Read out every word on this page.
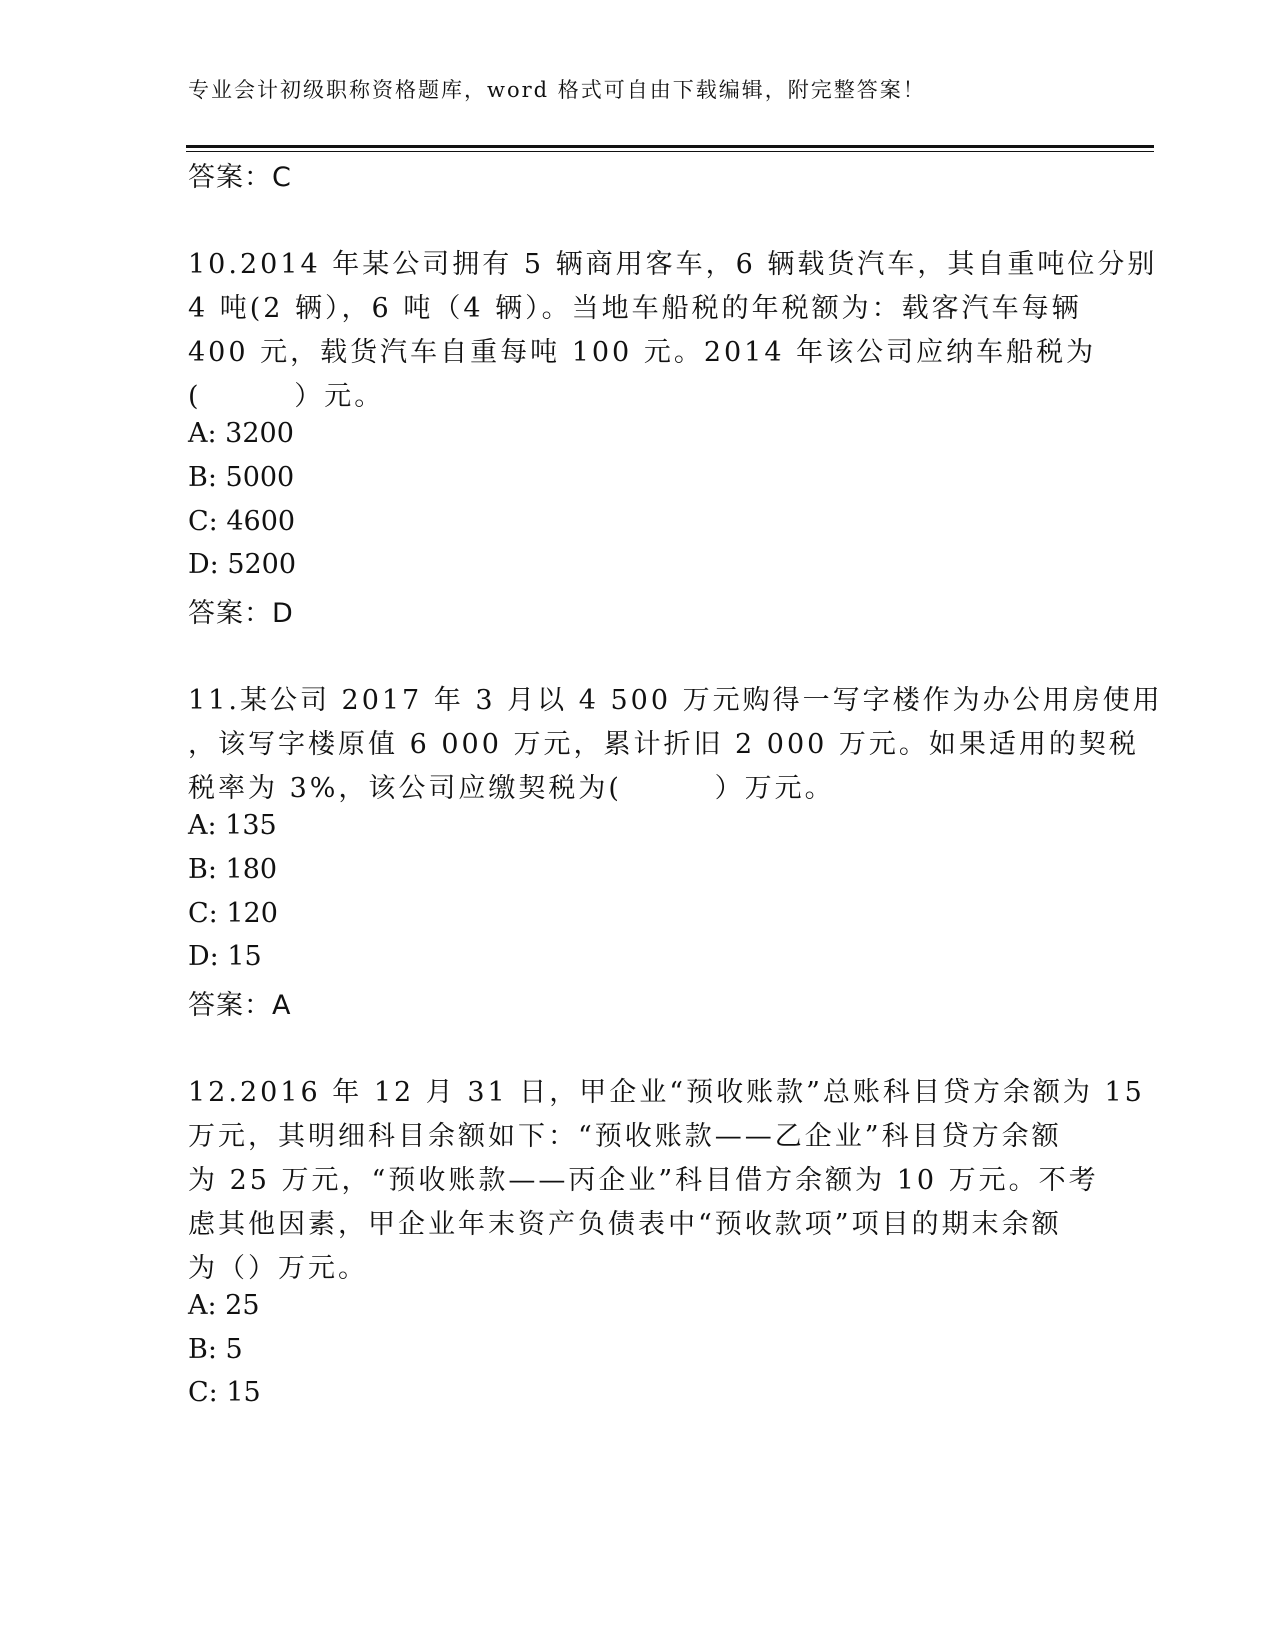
专业会计初级职称资格题库，word 格式可自由下载编辑，附完整答案！
答案：C
10.2014 年某公司拥有 5 辆商用客车，6 辆载货汽车，其自重吨位分别
4 吨(2 辆），6 吨（4 辆）。当地车船税的年税额为：载客汽车每辆
400 元，载货汽车自重每吨 100 元。2014 年该公司应纳车船税为
(        ）元。
A: 3200
B: 5000
C: 4600
D: 5200
答案：D
11.某公司 2017 年 3 月以 4 500 万元购得一写字楼作为办公用房使用
，该写字楼原值 6 000 万元，累计折旧 2 000 万元。如果适用的契税
税率为 3%，该公司应缴契税为(        ）万元。
A: 135
B: 180
C: 120
D: 15
答案：A
12.2016 年 12 月 31 日，甲企业“预收账款”总账科目贷方余额为 15
万元，其明细科目余额如下：“预收账款——乙企业”科目贷方余额
为 25 万元，“预收账款——丙企业”科目借方余额为 10 万元。不考
虑其他因素，甲企业年末资产负债表中“预收款项”项目的期末余额
为（）万元。
A: 25
B: 5
C: 15
